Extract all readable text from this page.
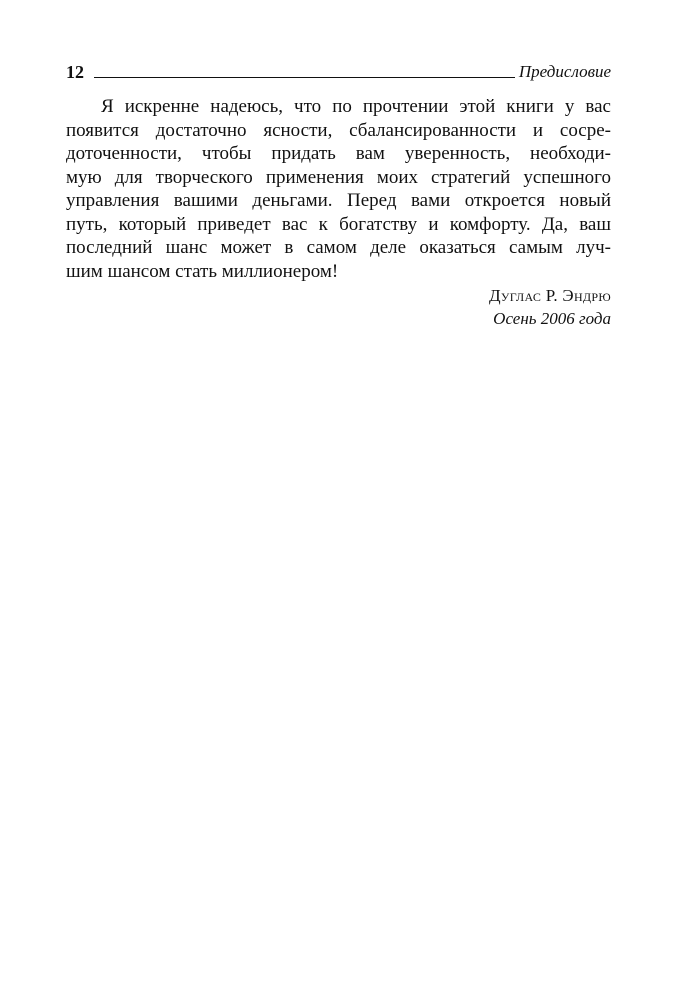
12	Предисловие
Я искренне надеюсь, что по прочтении этой книги у вас
появится достаточно ясности, сбалансированности и сосре-
доточенности, чтобы придать вам уверенность, необходи-
мую для творческого применения моих стратегий успешного
управления вашими деньгами. Перед вами откроется новый
путь, который приведет вас к богатству и комфорту. Да, ваш
последний шанс может в самом деле оказаться самым луч-
шим шансом стать миллионером!
Дуглас Р. Эндрю
Осень 2006 года
